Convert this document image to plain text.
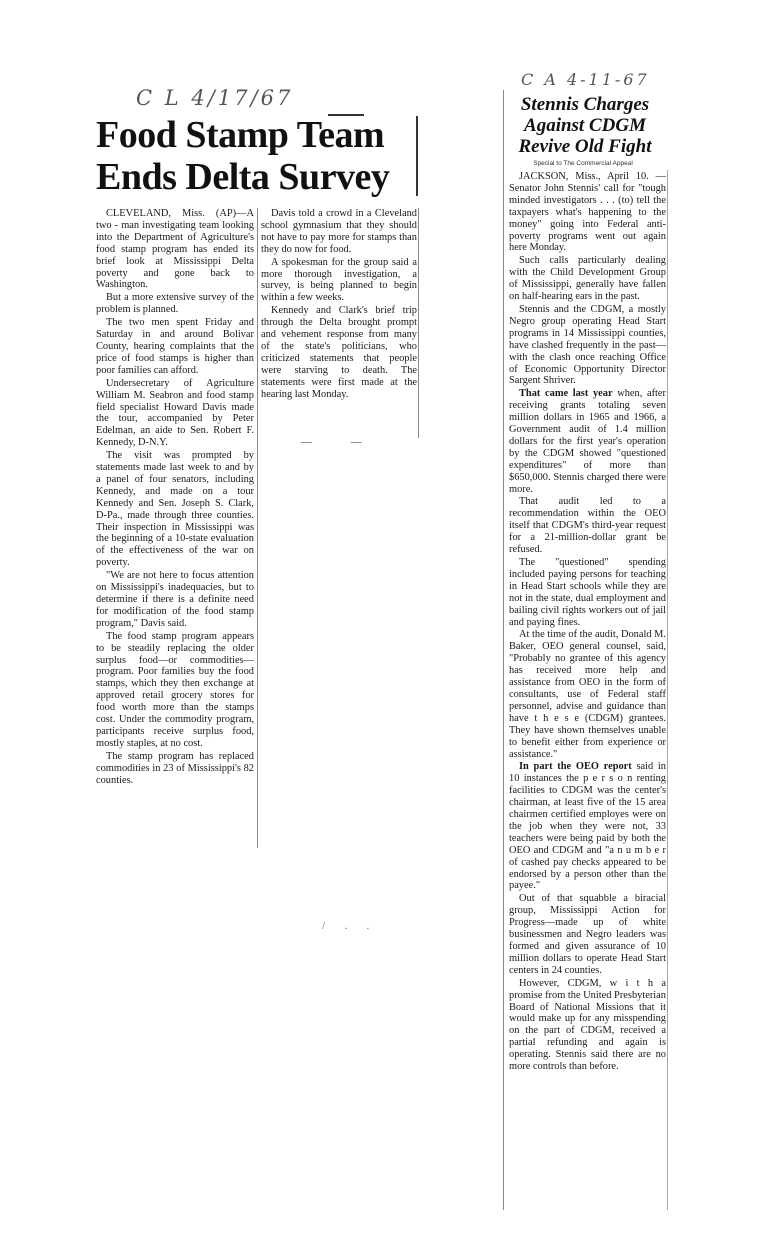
C L 4/17/67
Food Stamp Team
Ends Delta Survey

CLEVELAND, Miss. (AP)—A two - man investigating team looking into the Department of Agriculture's food stamp program has ended its brief look at Mississippi Delta poverty and gone back to Washington.

But a more extensive survey of the problem is planned.

The two men spent Friday and Saturday in and around Bolivar County, hearing complaints that the price of food stamps is higher than poor families can afford.

Undersecretary of Agriculture William M. Seabron and food stamp field specialist Howard Davis made the tour, accompanied by Peter Edelman, an aide to Sen. Robert F. Kennedy, D-N.Y.

The visit was prompted by statements made last week to and by a panel of four senators, including Kennedy, and made on a tour Kennedy and Sen. Joseph S. Clark, D-Pa., made through three counties. Their inspection in Mississippi was the beginning of a 10-state evaluation of the effectiveness of the war on poverty.

"We are not here to focus attention on Mississippi's inadequacies, but to determine if there is a definite need for modification of the food stamp program," Davis said.

The food stamp program appears to be steadily replacing the older surplus food—or commodities—program. Poor families buy the food stamps, which they then exchange at approved retail grocery stores for food worth more than the stamps cost. Under the commodity program, participants receive surplus food, mostly staples, at no cost.

The stamp program has replaced commodities in 23 of Mississippi's 82 counties.

Davis told a crowd in a Cleveland school gymnasium that they should not have to pay more for stamps than they do now for food.

A spokesman for the group said a more thorough investigation, a survey, is being planned to begin within a few weeks.

Kennedy and Clark's brief trip through the Delta brought prompt and vehement response from many of the state's politicians, who criticized statements that people were starving to death. The statements were first made at the hearing last Monday.

— —
/ . .
C A 4-11-67
Stennis Charges
Against CDGM
Revive Old Fight
Special to The Commercial Appeal

JACKSON, Miss., April 10. —Senator John Stennis' call for "tough minded investigators . . . (to) tell the taxpayers what's happening to the money" going into Federal anti-poverty programs went out again here Monday.

Such calls particularly dealing with the Child Development Group of Mississippi, generally have fallen on half-hearing ears in the past.

Stennis and the CDGM, a mostly Negro group operating Head Start programs in 14 Mississippi counties, have clashed frequently in the past—with the clash once reaching Office of Economic Opportunity Director Sargent Shriver.

That came last year when, after receiving grants totaling seven million dollars in 1965 and 1966, a Government audit of 1.4 million dollars for the first year's operation by the CDGM showed "questioned expenditures" of more than $650,000. Stennis charged there were more.

That audit led to a recommendation within the OEO itself that CDGM's third-year request for a 21-million-dollar grant be refused.

The "questioned" spending included paying persons for teaching in Head Start schools while they are not in the state, dual employment and bailing civil rights workers out of jail and paying fines.

At the time of the audit, Donald M. Baker, OEO general counsel, said, "Probably no grantee of this agency has received more help and assistance from OEO in the form of consultants, use of Federal staff personnel, advise and guidance than have t h e s e (CDGM) grantees. They have shown themselves unable to benefit either from experience or assistance."

In part the OEO report said in 10 instances the p e r s o n renting facilities to CDGM was the center's chairman, at least five of the 15 area chairmen certified employes were on the job when they were not, 33 teachers were being paid by both the OEO and CDGM and "a n u m b e r of cashed pay checks appeared to be endorsed by a person other than the payee."

Out of that squabble a biracial group, Mississippi Action for Progress—made up of white businessmen and Negro leaders was formed and given assurance of 10 million dollars to operate Head Start centers in 24 counties.

However, CDGM, w i t h a promise from the United Presbyterian Board of National Missions that it would make up for any misspending on the part of CDGM, received a partial refunding and again is operating. Stennis said there are no more controls than before.
